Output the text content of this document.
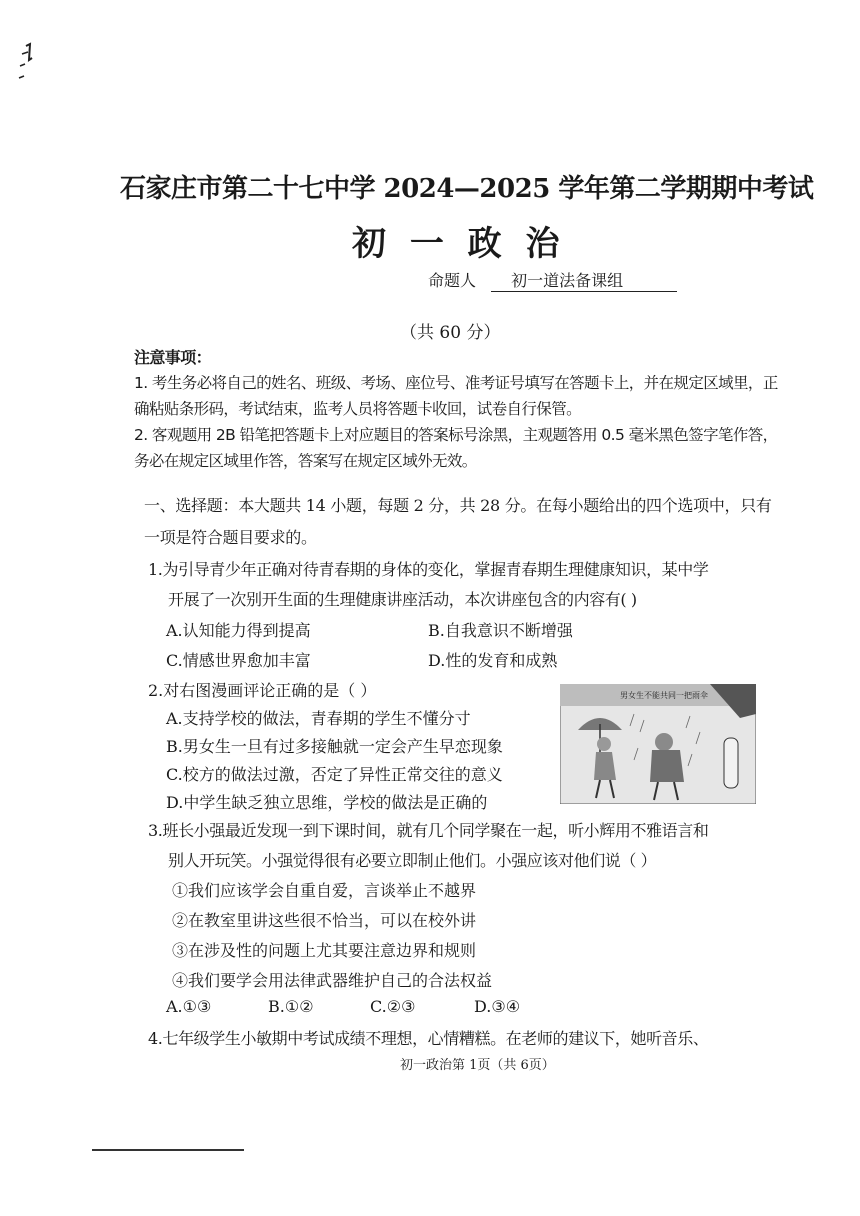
石家庄市第二十七中学 2024—2025 学年第二学期期中考试
初 一 政 治
命题人 初一道法备课组
（共 60 分）

注意事项：

1. 考生务必将自己的姓名、班级、考场、座位号、准考证号填写在答题卡上，并在规定区域里，正确粘贴条形码，考试结束，监考人员将答题卡收回，试卷自行保管。

2. 客观题用 2B 铅笔把答题卡上对应题目的答案标号涂黑，主观题答用 0.5 毫米黑色签字笔作答，务必在规定区域里作答，答案写在规定区域外无效。

一、选择题：本大题共 14 小题，每题 2 分，共 28 分。在每小题给出的四个选项中，只有一项是符合题目要求的。

1.为引导青少年正确对待青春期的身体的变化，掌握青春期生理健康知识，某中学
开展了一次别开生面的生理健康讲座活动，本次讲座包含的内容有( )
A.认知能力得到提高	B.自我意识不断增强
C.情感世界愈加丰富	D.性的发育和成熟
2.对右图漫画评论正确的是（ ）
A.支持学校的做法，青春期的学生不懂分寸
B.男女生一旦有过多接触就一定会产生早恋现象
C.校方的做法过激，否定了异性正常交往的意义
D.中学生缺乏独立思维，学校的做法是正确的
男女生不能共同一把雨伞
3.班长小强最近发现一到下课时间，就有几个同学聚在一起，听小辉用不雅语言和
别人开玩笑。小强觉得很有必要立即制止他们。小强应该对他们说（ ）
①我们应该学会自重自爱，言谈举止不越界
②在教室里讲这些很不恰当，可以在校外讲
③在涉及性的问题上尤其要注意边界和规则
④我们要学会用法律武器维护自己的合法权益
A.①③	B.①②	C.②③	D.③④
4.七年级学生小敏期中考试成绩不理想，心情糟糕。在老师的建议下，她听音乐、
初一政治第 1页（共 6页）
